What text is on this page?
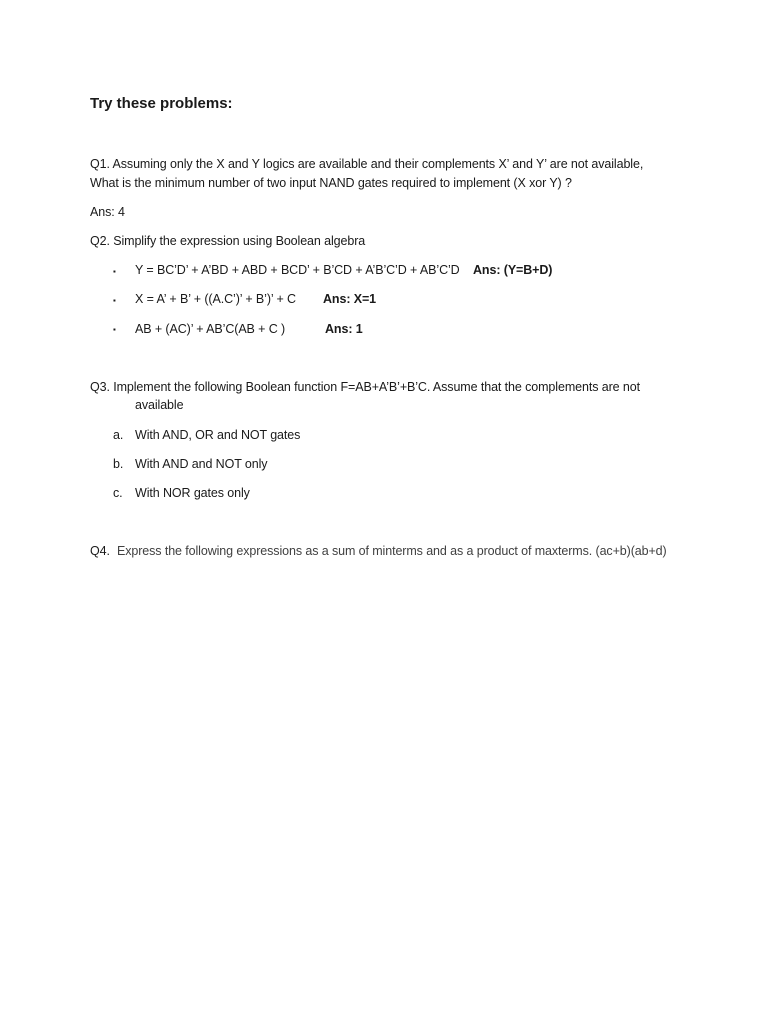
Try these problems:
Q1. Assuming only the X and Y logics are available and their complements X’ and Y’ are not available,
What is the minimum number of two input NAND gates required to implement (X xor Y) ?
Ans: 4
Q2. Simplify the expression using Boolean algebra
▪ Y = BC’D’ + A’BD + ABD + BCD’ + B’CD + A’B’C’D + AB’C’D Ans: (Y=B+D)
▪ X = A’ + B’ + ((A.C’)’ + B’)’ + C Ans: X=1
▪ AB + (AC)’ + AB’C(AB + C )	Ans: 1
Q3. Implement the following Boolean function F=AB+A’B’+B’C. Assume that the complements are not
available
a. With AND, OR and NOT gates
b. With AND and NOT only
c. With NOR gates only
Q4. Express the following expressions as a sum of minterms and as a product of maxterms. (ac+b)(ab+d)
